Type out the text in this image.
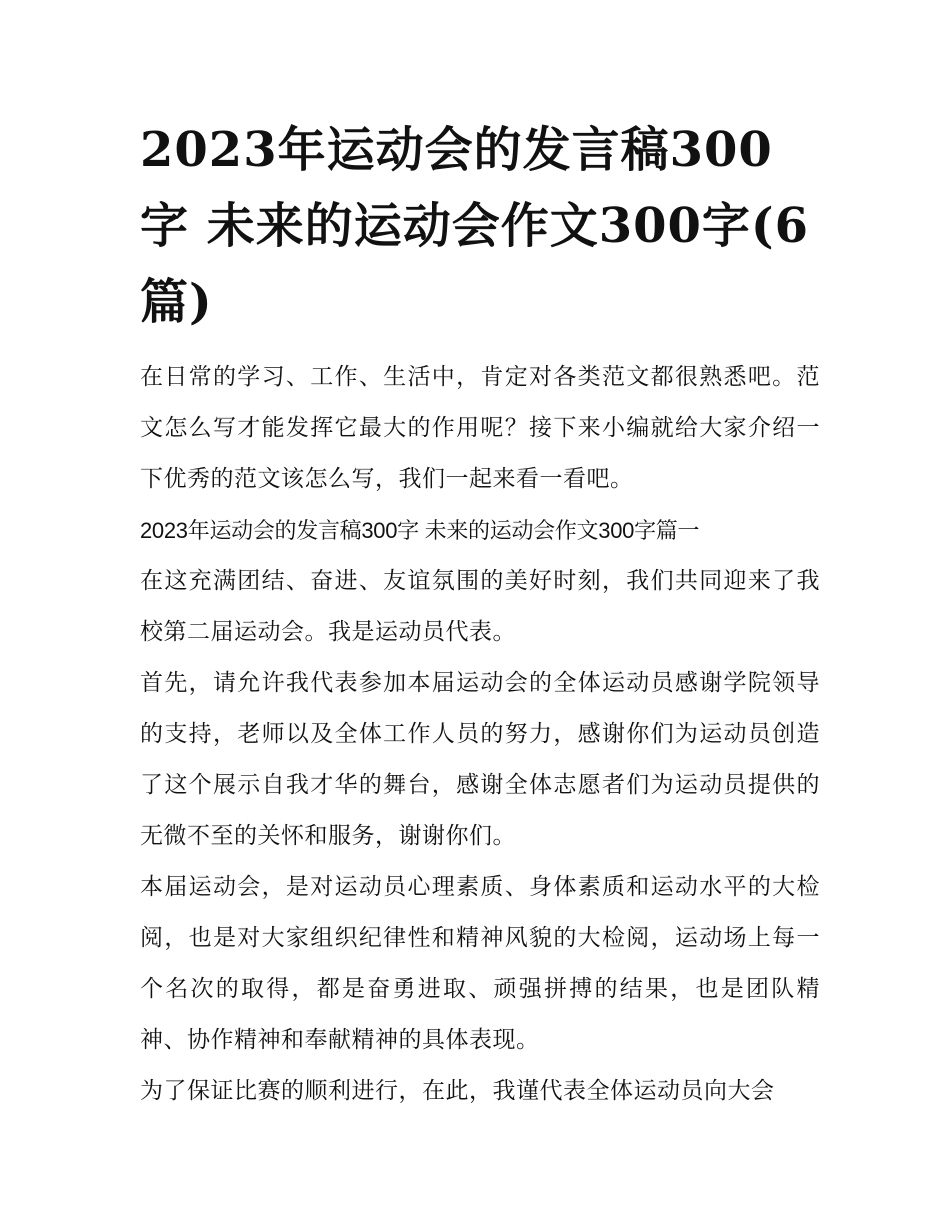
2023年运动会的发言稿300字 未来的运动会作文300字(6篇)

在日常的学习、工作、生活中，肯定对各类范文都很熟悉吧。范文怎么写才能发挥它最大的作用呢？接下来小编就给大家介绍一下优秀的范文该怎么写，我们一起来看一看吧。

2023年运动会的发言稿300字 未来的运动会作文300字篇一

在这充满团结、奋进、友谊氛围的美好时刻，我们共同迎来了我校第二届运动会。我是运动员代表。

首先，请允许我代表参加本届运动会的全体运动员感谢学院领导的支持，老师以及全体工作人员的努力，感谢你们为运动员创造了这个展示自我才华的舞台，感谢全体志愿者们为运动员提供的无微不至的关怀和服务，谢谢你们。

本届运动会，是对运动员心理素质、身体素质和运动水平的大检阅，也是对大家组织纪律性和精神风貌的大检阅，运动场上每一个名次的取得，都是奋勇进取、顽强拼搏的结果，也是团队精神、协作精神和奉献精神的具体表现。

为了保证比赛的顺利进行，在此，我谨代表全体运动员向大会
